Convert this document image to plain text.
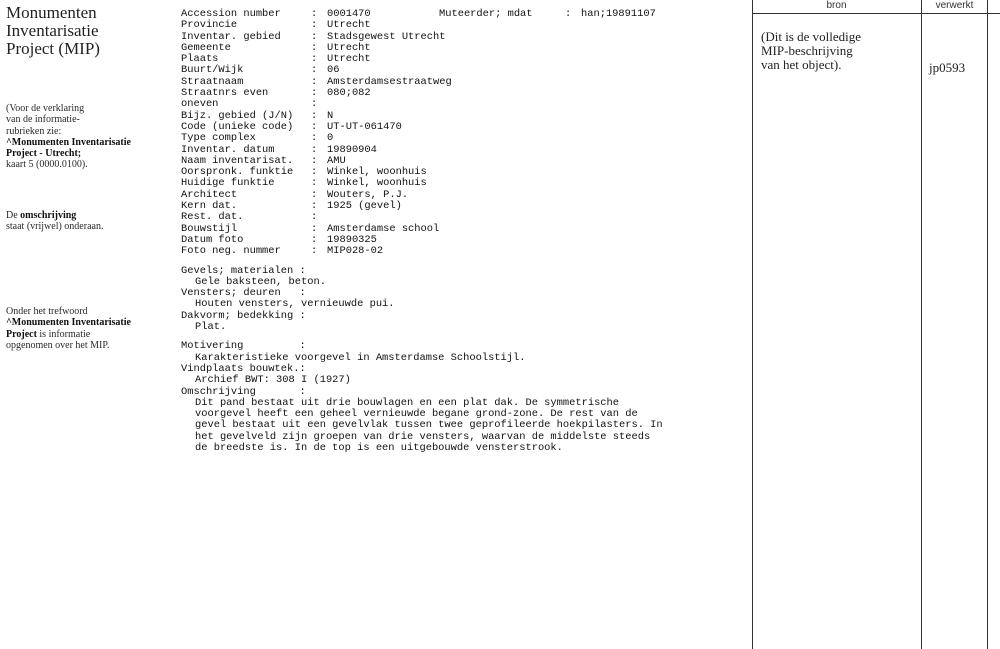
Monumenten
Inventarisatie
Project (MIP)
(Voor de verklaring
van de informatie-
rubrieken zie:
^Monumenten Inventarisatie
Project - Utrecht;
kaart 5 (0000.0100).
De omschrijving
staat (vrijwel) onderaan.
Onder het trefwoord
^Monumenten Inventarisatie
Project is informatie
opgenomen over het MIP.
Accession number	: 0001470	Muteerder; mdat	: han;19891107
Provincie	: Utrecht
Inventar. gebied	: Stadsgewest Utrecht
Gemeente	: Utrecht
Plaats	: Utrecht
Buurt/Wijk	: 06
Straatnaam	: Amsterdamsestraatweg
Straatnrs even	: 080;082
oneven	:
Bijz. gebied (J/N) : N
Code (unieke code) : UT-UT-061470
Type complex	: 0
Inventar. datum	: 19890904
Naam inventarisat. : AMU
Oorspronk. funktie : Winkel, woonhuis
Huidige funktie	: Winkel, woonhuis
Architect	: Wouters, P.J.
Kern dat.	: 1925 (gevel)
Rest. dat.	:
Bouwstijl	: Amsterdamse school
Datum foto	: 19890325
Foto neg. nummer	: MIP028-02
Gevels; materialen :
Gele baksteen, beton.
Vensters; deuren   :
Houten vensters, vernieuwde pui.
Dakvorm; bedekking :
Plat.
Motivering         :
Karakteristieke voorgevel in Amsterdamse Schoolstijl.
Vindplaats bouwtek.:
Archief BWT: 308 I (1927)
Omschrijving       :
Dit pand bestaat uit drie bouwlagen en een plat dak. De symmetrische
voorgevel heeft een geheel vernieuwde begane grond-zone. De rest van de
gevel bestaat uit een gevelvlak tussen twee geprofileerde hoekpilasters. In
het gevelveld zijn groepen van drie vensters, waarvan de middelste steeds
de breedste is. In de top is een uitgebouwde vensterstrook.
bron	verwerkt
(Dit is de volledige
MIP-beschrijving
van het object).	jp0593
